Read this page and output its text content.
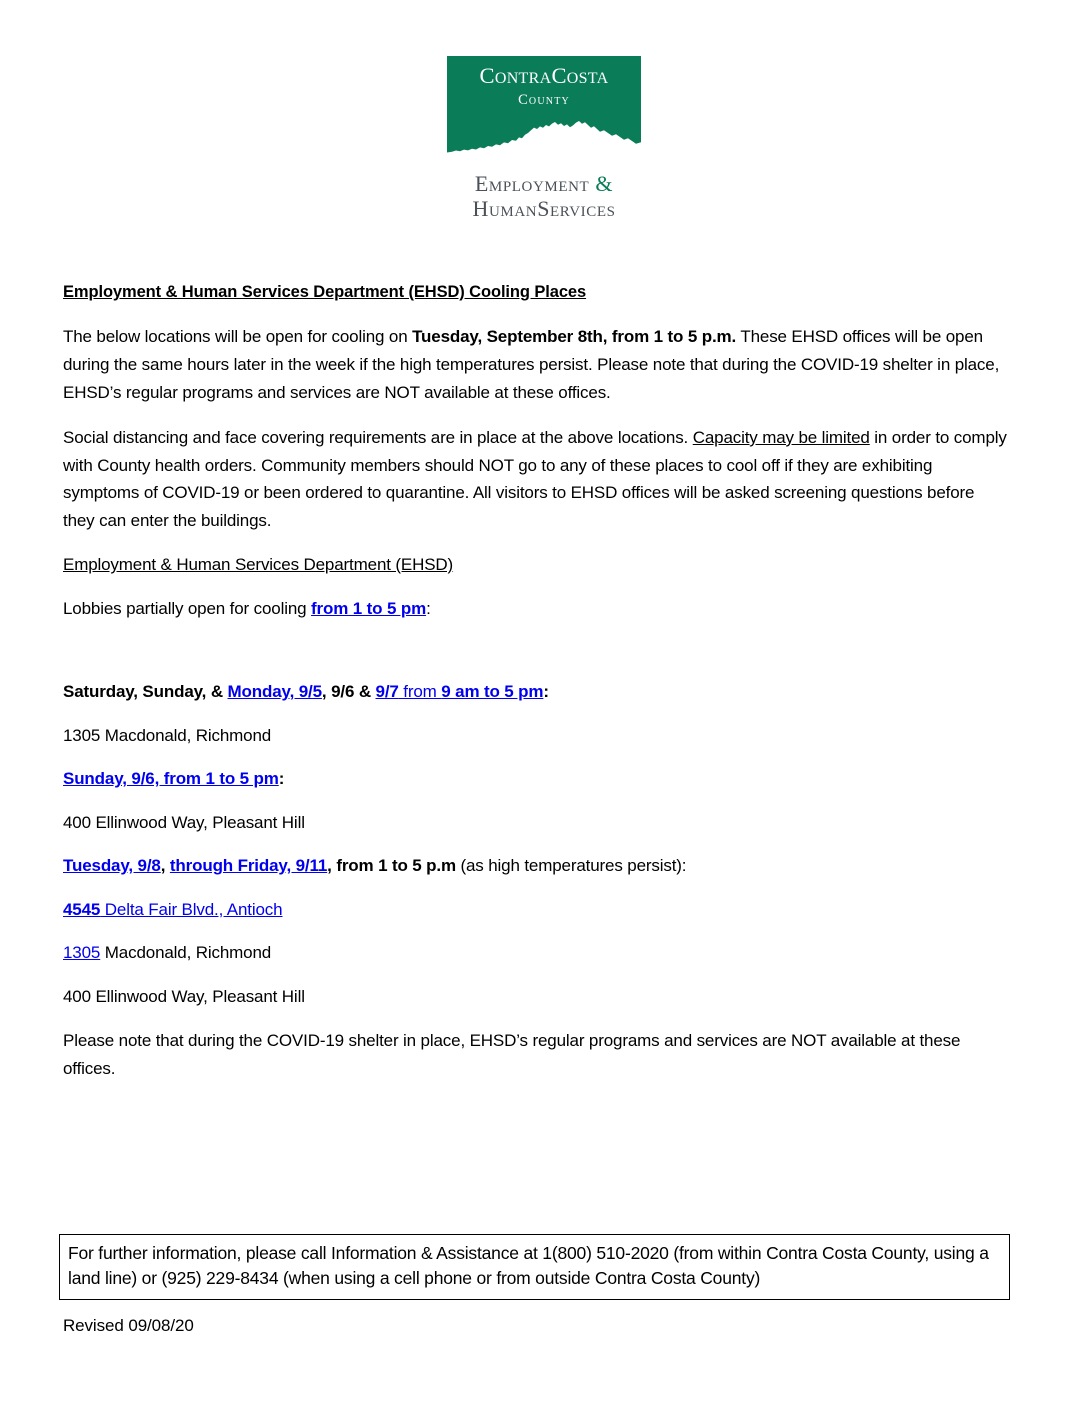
ContraCosta
County
Employment &
HumanServices

Employment & Human Services Department (EHSD) Cooling Places

The below locations will be open for cooling on Tuesday, September 8th, from 1 to 5 p.m. These EHSD offices will be open during the same hours later in the week if the high temperatures persist. Please note that during the COVID-19 shelter in place, EHSD’s regular programs and services are NOT available at these offices.

Social distancing and face covering requirements are in place at the above locations. Capacity may be limited in order to comply with County health orders. Community members should NOT go to any of these places to cool off if they are exhibiting symptoms of COVID-19 or been ordered to quarantine. All visitors to EHSD offices will be asked screening questions before they can enter the buildings.

Employment & Human Services Department (EHSD)

Lobbies partially open for cooling from 1 to 5 pm:

Saturday, Sunday, & Monday, 9/5, 9/6 & 9/7 from 9 am to 5 pm:

1305 Macdonald, Richmond

Sunday, 9/6, from 1 to 5 pm:

400 Ellinwood Way, Pleasant Hill

Tuesday, 9/8, through Friday, 9/11, from 1 to 5 p.m (as high temperatures persist):

4545 Delta Fair Blvd., Antioch

1305 Macdonald, Richmond

400 Ellinwood Way, Pleasant Hill

Please note that during the COVID-19 shelter in place, EHSD’s regular programs and services are NOT available at these offices.

For further information, please call Information & Assistance at 1(800) 510-2020 (from within Contra Costa County, using a land line) or (925) 229-8434 (when using a cell phone or from outside Contra Costa County)

Revised 09/08/20
